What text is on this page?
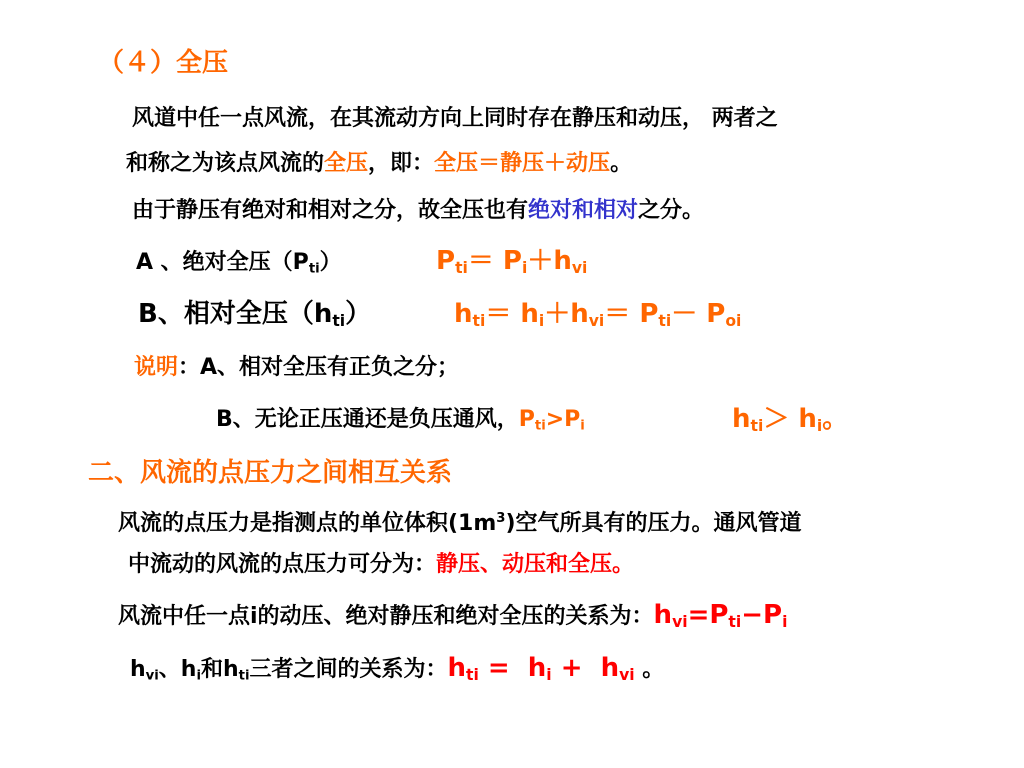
（４）全压
风道中任一点风流，在其流动方向上同时存在静压和动压， 两者之
和称之为该点风流的全压，即：全压＝静压＋动压。
由于静压有绝对和相对之分，故全压也有绝对和相对之分。
A 、绝对全压$(P_{ti})$	$P_{ti}= P_i+h_{vi}$
B、相对全压$(h_{ti})$	$h_{ti}= h_i+h_{vi}= P_{ti}- P_{oi}$
说明：A、相对全压有正负之分；
B、无论正压通还是负压通风，$P_{ti}>P_i$	$h_{ti}> h_i$。
二、风流的点压力之间相互关系
风流的点压力是指测点的单位体积$(1m^3)$空气所具有的压力。通风管道
中流动的风流的点压力可分为：静压、动压和全压。
风流中任一点i的动压、绝对静压和绝对全压的关系为：$h_{vi}=P_{ti}-P_i$
$h_{vi}$、$h_i$和$h_{ti}$三者之间的关系为：$h_{ti} = h_i + h_{vi}$ 。
